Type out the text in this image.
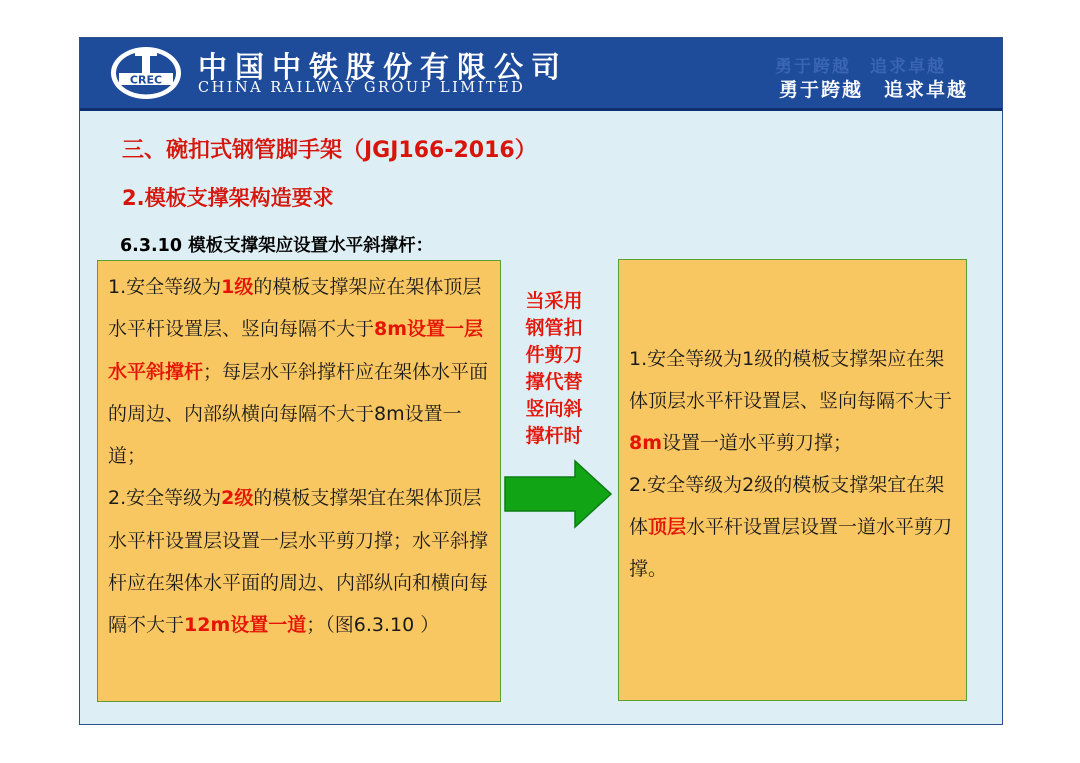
CREC 中国中铁股份有限公司
CHINA RAILWAY GROUP LIMITED
勇于跨越　追求卓越
勇于跨越　追求卓越
三、碗扣式钢管脚手架（JGJ166-2016）
2.模板支撑架构造要求
6.3.10 模板支撑架应设置水平斜撑杆：
1.安全等级为1级的模板支撑架应在架体顶层水平杆设置层、竖向每隔不大于8m设置一层水平斜撑杆；每层水平斜撑杆应在架体水平面的周边、内部纵横向每隔不大于8m设置一道；
2.安全等级为2级的模板支撑架宜在架体顶层水平杆设置层设置一层水平剪刀撑；水平斜撑杆应在架体水平面的周边、内部纵向和横向每隔不大于12m设置一道；（图6.3.10 ）
当采用钢管扣件剪刀撑代替竖向斜撑杆时
1.安全等级为1级的模板支撑架应在架体顶层水平杆设置层、竖向每隔不大于8m设置一道水平剪刀撑；
2.安全等级为2级的模板支撑架宜在架体顶层水平杆设置层设置一道水平剪刀撑。
